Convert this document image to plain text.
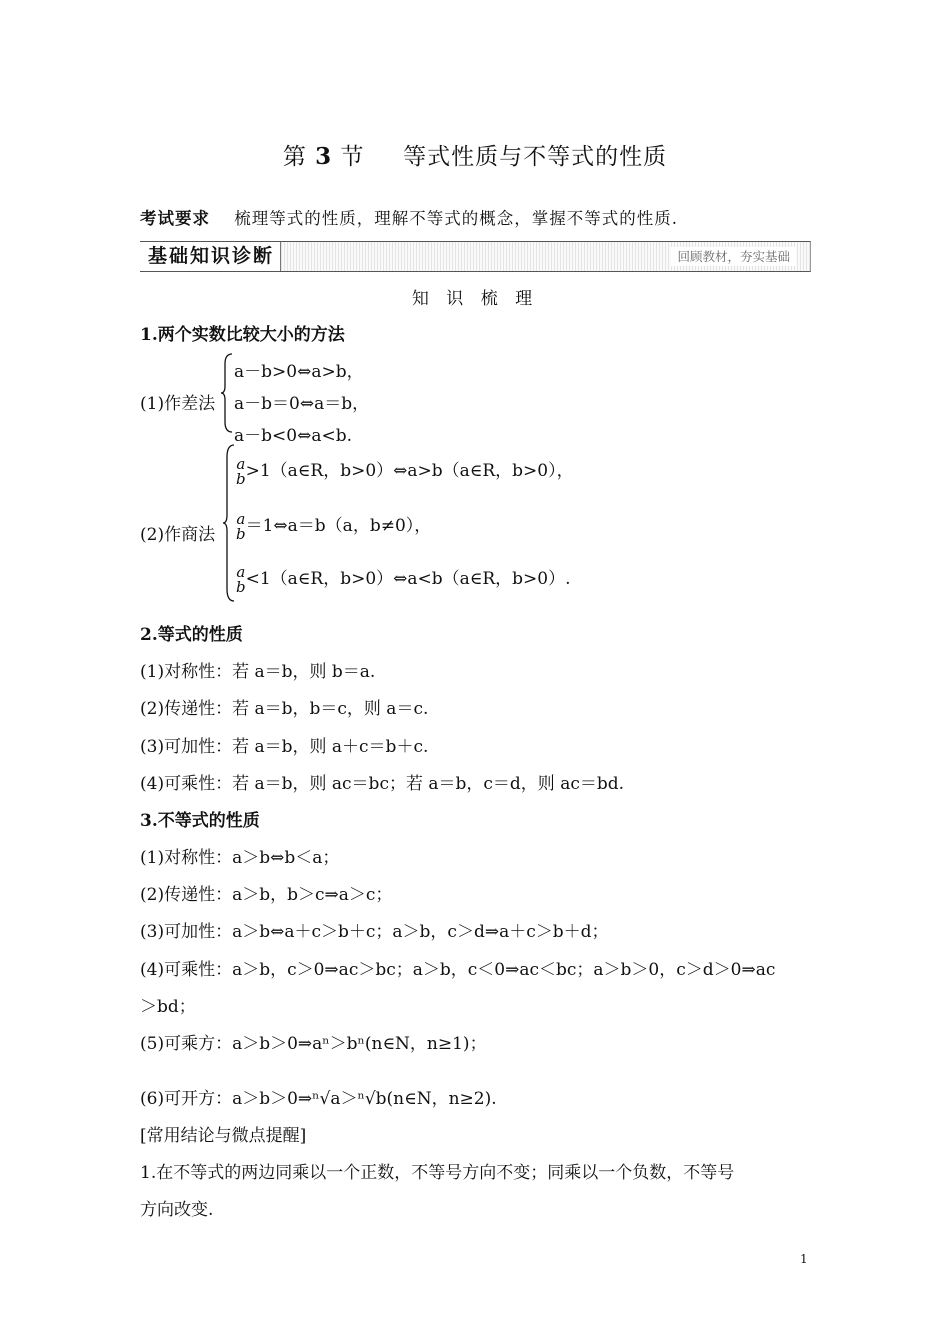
第 3 节 等式性质与不等式的性质
考试要求 梳理等式的性质，理解不等式的概念，掌握不等式的性质.
基础知识诊断	回顾教材，夯实基础
知 识 梳 理
1.两个实数比较大小的方法
(1)作差法
a－b>0⇔a>b，
a－b＝0⇔a＝b，
a－b<0⇔a<b.
(2)作商法
a
b >1（a∈R，b>0）⇔a>b（a∈R，b>0），
a
b ＝1⇔a＝b（a，b≠0），
a
b <1（a∈R，b>0）⇔a<b（a∈R，b>0）.
2.等式的性质
(1)对称性：若 a＝b，则 b＝a.
(2)传递性：若 a＝b，b＝c，则 a＝c.
(3)可加性：若 a＝b，则 a＋c＝b＋c.
(4)可乘性：若 a＝b，则 ac＝bc；若 a＝b，c＝d，则 ac＝bd.
3.不等式的性质
(1)对称性：a＞b⇔b＜a；
(2)传递性：a＞b，b＞c⇒a＞c；
(3)可加性：a＞b⇔a＋c＞b＋c；a＞b，c＞d⇒a＋c＞b＋d；
(4)可乘性：a＞b，c＞0⇒ac＞bc；a＞b，c＜0⇒ac＜bc；a＞b＞0，c＞d＞0⇒ac
＞bd；
(5)可乘方：a＞b＞0⇒aⁿ＞bⁿ(n∈N，n≥1)；
(6)可开方：a＞b＞0⇒ⁿ√a＞ⁿ√b(n∈N，n≥2).
[常用结论与微点提醒]
1.在不等式的两边同乘以一个正数，不等号方向不变；同乘以一个负数，不等号
方向改变.
1
